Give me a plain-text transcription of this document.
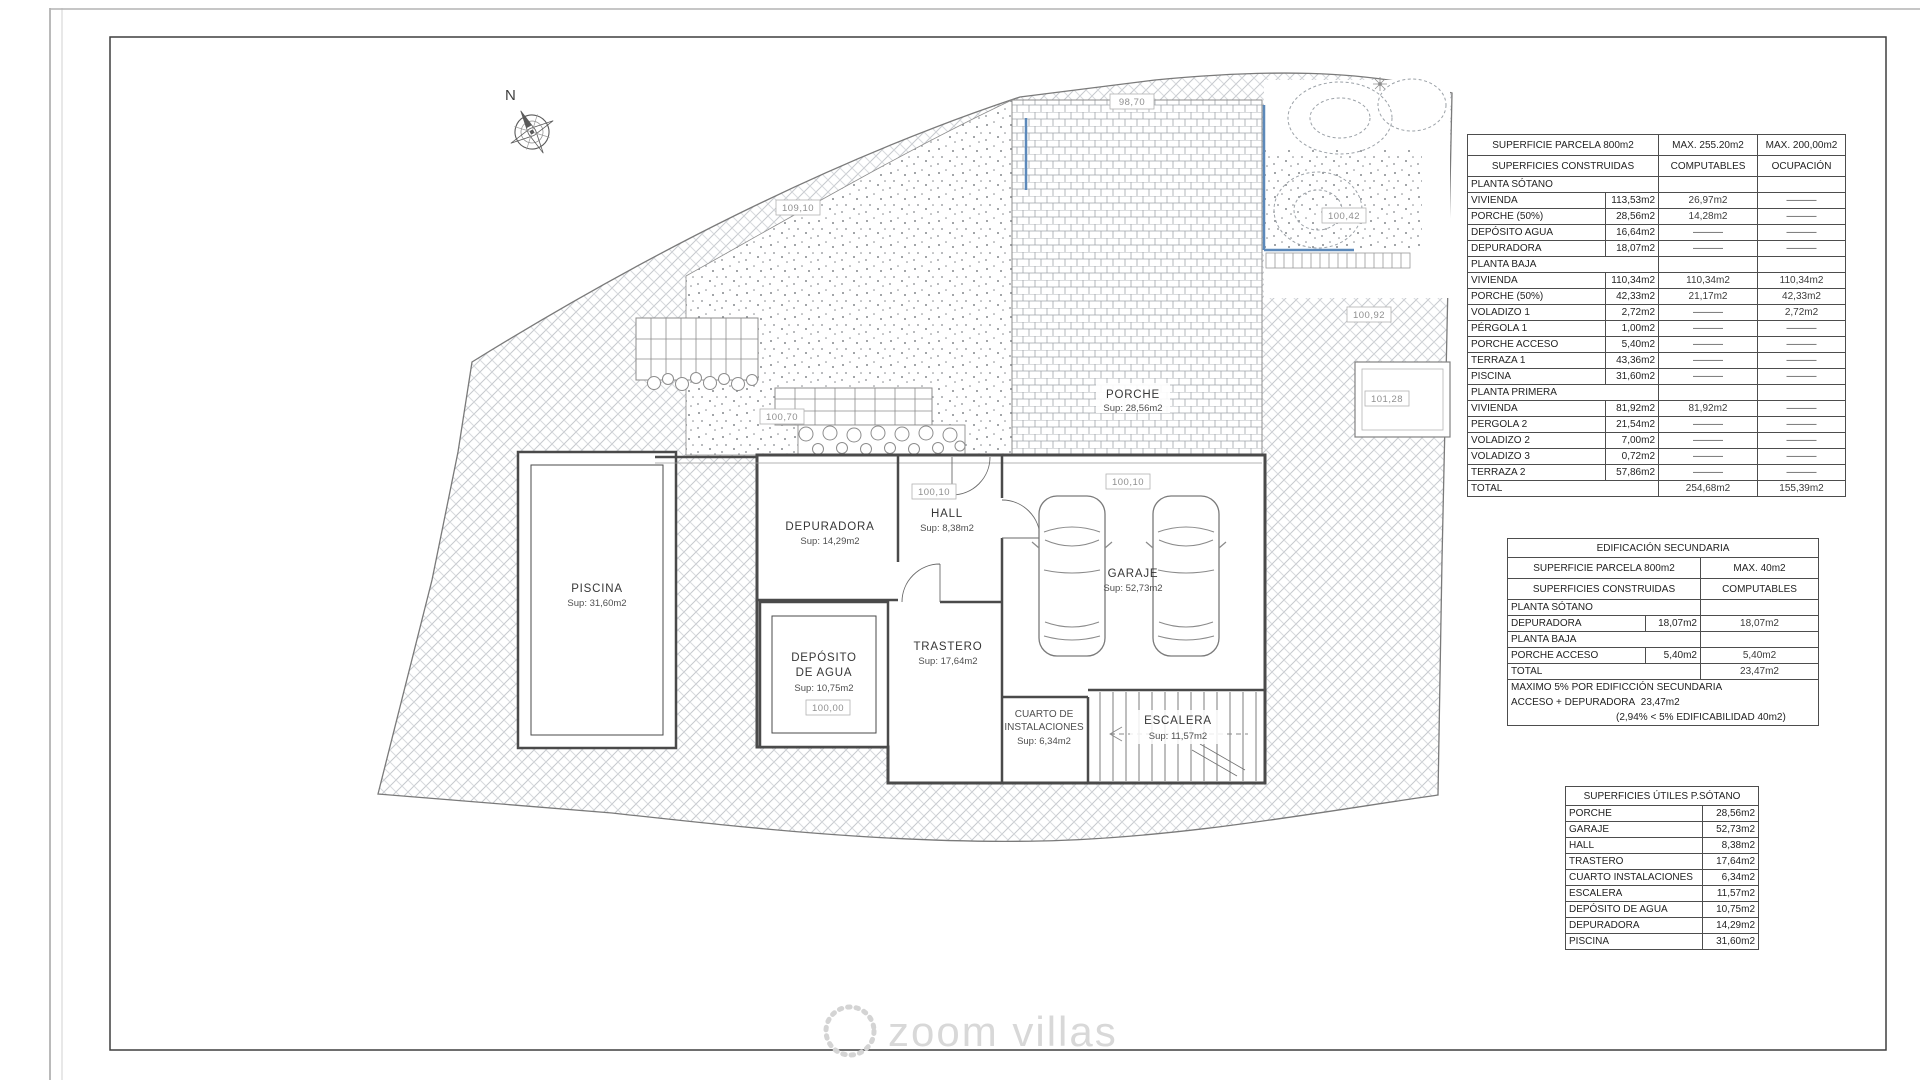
N	98,70
109,10
100,70
100,10
100,10
100,00
100,42
100,92
101,28
PORCHE
Sup: 28,56m2
PISCINA
Sup: 31,60m2
DEPURADORA
Sup: 14,29m2
HALL
Sup: 8,38m2
GARAJE
Sup: 52,73m2
TRASTERO
Sup: 17,64m2
DEPÓSITO
DE AGUA
Sup: 10,75m2
CUARTO DE
INSTALACIONES
Sup: 6,34m2
ESCALERA
Sup: 11,57m2
zoom villas
SUPERFICIE PARCELA 800m2		MAX. 255.20m2	MAX. 200,00m2
SUPERFICIES CONSTRUIDAS		COMPUTABLES	OCUPACIÓN
PLANTA SÓTANO			
VIVIENDA	113,53m2	26,97m2	———
PORCHE (50%)	28,56m2	14,28m2	———
DEPÓSITO AGUA	16,64m2	———	———
DEPURADORA	18,07m2	———	———
PLANTA BAJA			
VIVIENDA	110,34m2	110,34m2	110,34m2
PORCHE (50%)	42,33m2	21,17m2	42,33m2
VOLADIZO 1	2,72m2	———	2,72m2
PÉRGOLA 1	1,00m2	———	———
PORCHE ACCESO	5,40m2	———	———
TERRAZA 1	43,36m2	———	———
PISCINA	31,60m2	———	———
PLANTA PRIMERA			
VIVIENDA	81,92m2	81,92m2	———
PERGOLA 2	21,54m2	———	———
VOLADIZO 2	7,00m2	———	———
VOLADIZO 3	0,72m2	———	———
TERRAZA 2	57,86m2	———	———
TOTAL		254,68m2	155,39m2
EDIFICACIÓN SECUNDARIA		
SUPERFICIE PARCELA 800m2		MAX. 40m2
SUPERFICIES CONSTRUIDAS		COMPUTABLES
PLANTA SÓTANO		
DEPURADORA	18,07m2	18,07m2
PLANTA BAJA		
PORCHE ACCESO	5,40m2	5,40m2
TOTAL		23,47m2

MAXIMO 5% POR EDIFICCIÓN SECUNDARIA
ACCESO + DEPURADORA  23,47m2
(2,94% < 5% EDIFICABILIDAD 40m2)		
SUPERFICIES ÚTILES P.SÓTANO	
PORCHE	28,56m2
GARAJE	52,73m2
HALL	8,38m2
TRASTERO	17,64m2
CUARTO INSTALACIONES	6,34m2
ESCALERA	11,57m2
DEPÓSITO DE AGUA	10,75m2
DEPURADORA	14,29m2
PISCINA	31,60m2
